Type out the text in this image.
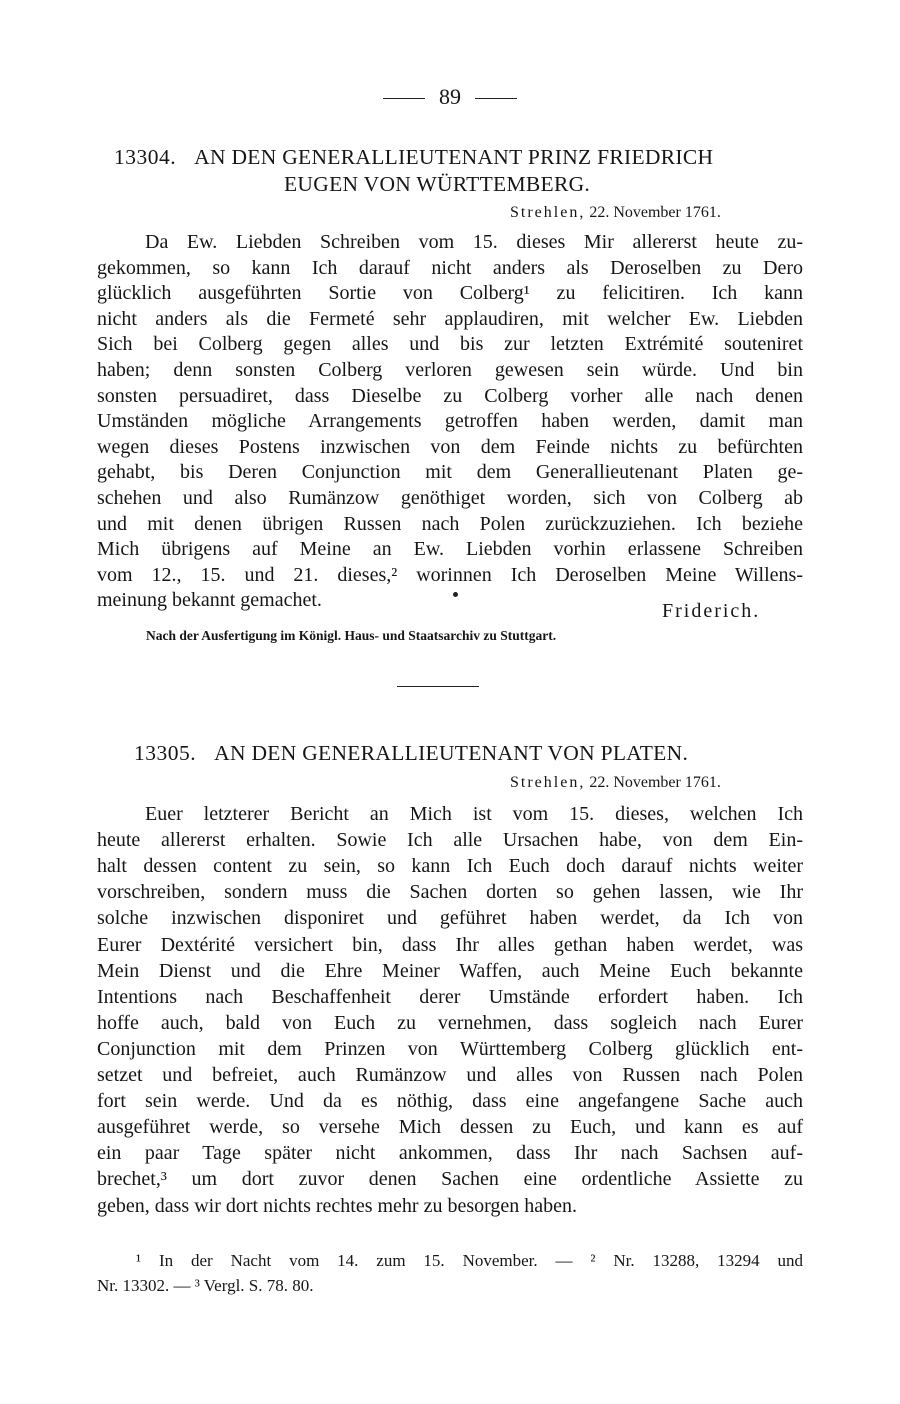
89
13304. AN DEN GENERALLIEUTENANT PRINZ FRIEDRICH
EUGEN VON WÜRTTEMBERG.
Strehlen, 22. November 1761.
Da Ew. Liebden Schreiben vom 15. dieses Mir allererst heute zu-
gekommen, so kann Ich darauf nicht anders als Deroselben zu Dero
glücklich ausgeführten Sortie von Colberg¹ zu felicitiren. Ich kann
nicht anders als die Fermeté sehr applaudiren, mit welcher Ew. Liebden
Sich bei Colberg gegen alles und bis zur letzten Extrémité souteniret
haben; denn sonsten Colberg verloren gewesen sein würde. Und bin
sonsten persuadiret, dass Dieselbe zu Colberg vorher alle nach denen
Umständen mögliche Arrangements getroffen haben werden, damit man
wegen dieses Postens inzwischen von dem Feinde nichts zu befürchten
gehabt, bis Deren Conjunction mit dem Generallieutenant Platen ge-
schehen und also Rumänzow genöthiget worden, sich von Colberg ab
und mit denen übrigen Russen nach Polen zurückzuziehen. Ich beziehe
Mich übrigens auf Meine an Ew. Liebden vorhin erlassene Schreiben
vom 12., 15. und 21. dieses,² worinnen Ich Deroselben Meine Willens-
meinung bekannt gemachet.	Friderich.
Nach der Ausfertigung im Königl. Haus- und Staatsarchiv zu Stuttgart.
13305. AN DEN GENERALLIEUTENANT VON PLATEN.
Strehlen, 22. November 1761.
Euer letzterer Bericht an Mich ist vom 15. dieses, welchen Ich
heute allererst erhalten. Sowie Ich alle Ursachen habe, von dem Ein-
halt dessen content zu sein, so kann Ich Euch doch darauf nichts weiter
vorschreiben, sondern muss die Sachen dorten so gehen lassen, wie Ihr
solche inzwischen disponiret und geführet haben werdet, da Ich von
Eurer Dextérité versichert bin, dass Ihr alles gethan haben werdet, was
Mein Dienst und die Ehre Meiner Waffen, auch Meine Euch bekannte
Intentions nach Beschaffenheit derer Umstände erfordert haben. Ich
hoffe auch, bald von Euch zu vernehmen, dass sogleich nach Eurer
Conjunction mit dem Prinzen von Württemberg Colberg glücklich ent-
setzet und befreiet, auch Rumänzow und alles von Russen nach Polen
fort sein werde. Und da es nöthig, dass eine angefangene Sache auch
ausgeführet werde, so versehe Mich dessen zu Euch, und kann es auf
ein paar Tage später nicht ankommen, dass Ihr nach Sachsen auf-
brechet,³ um dort zuvor denen Sachen eine ordentliche Assiette zu
geben, dass wir dort nichts rechtes mehr zu besorgen haben.
¹ In der Nacht vom 14. zum 15. November. — ² Nr. 13288, 13294 und
Nr. 13302. — ³ Vergl. S. 78. 80.
